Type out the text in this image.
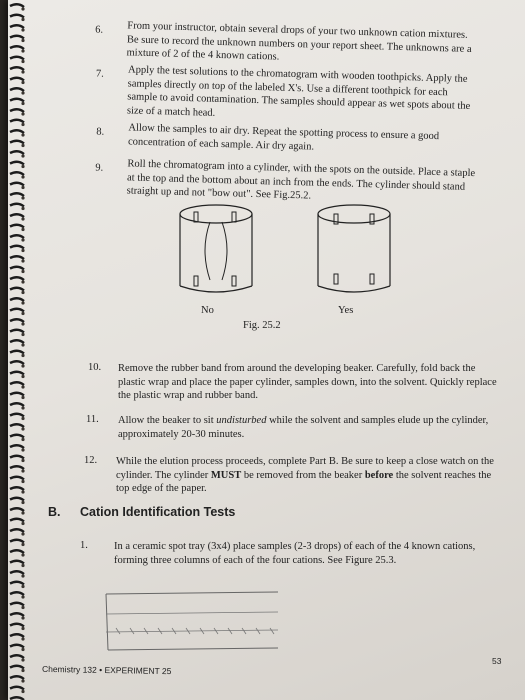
6. From your instructor, obtain several drops of your two unknown cation mixtures. Be sure to record the unknown numbers on your report sheet. The unknowns are a mixture of 2 of the 4 known cations.
7. Apply the test solutions to the chromatogram with wooden toothpicks. Apply the samples directly on top of the labeled X's. Use a different toothpick for each sample to avoid contamination. The samples should appear as wet spots about the size of a match head.
8. Allow the samples to air dry. Repeat the spotting process to ensure a good concentration of each sample. Air dry again.
9. Roll the chromatogram into a cylinder, with the spots on the outside. Place a staple at the top and the bottom about an inch from the ends. The cylinder should stand straight up and not "bow out". See Fig.25.2.
No	Yes
Fig. 25.2
10. Remove the rubber band from around the developing beaker. Carefully, fold back the plastic wrap and place the paper cylinder, samples down, into the solvent. Quickly replace the plastic wrap and rubber band.
11. Allow the beaker to sit undisturbed while the solvent and samples elude up the cylinder, approximately 20-30 minutes.
12. While the elution process proceeds, complete Part B. Be sure to keep a close watch on the cylinder. The cylinder MUST be removed from the beaker before the solvent reaches the top edge of the paper.
B. Cation Identification Tests
1. In a ceramic spot tray (3x4) place samples (2-3 drops) of each of the 4 known cations, forming three columns of each of the four cations. See Figure 25.3.
Chemistry 132 • EXPERIMENT 25
53
